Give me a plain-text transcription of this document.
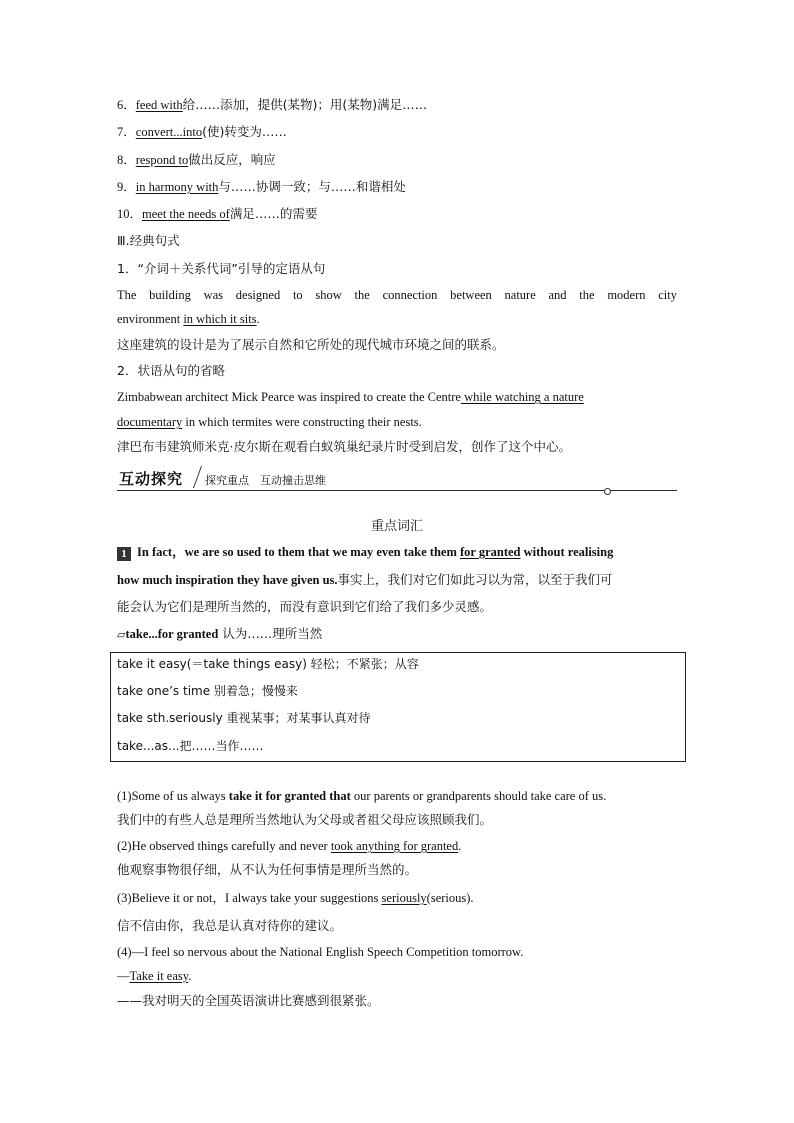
6．feed with给……添加，提供(某物)；用(某物)满足……
7．convert...into(使)转变为……
8．respond to做出反应，响应
9．in harmony with与……协调一致；与……和谐相处
10．meet the needs of满足……的需要
Ⅲ.经典句式
1．“介词＋关系代词”引导的定语从句
The building was designed to show the connection between nature and the modern city
environment in which it sits.
这座建筑的设计是为了展示自然和它所处的现代城市环境之间的联系。
2．状语从句的省略
Zimbabwean architect Mick Pearce was inspired to create the Centre while watching a nature
documentary in which termites were constructing their nests.
津巴布韦建筑师米克·皮尔斯在观看白蚁筑巢纪录片时受到启发，创作了这个中心。
互动探究 探究重点　互动撞击思维
重点词汇
1 In fact，we are so used to them that we may even take them for granted without realising
how much inspiration they have given us.事实上，我们对它们如此习以为常，以至于我们可
能会认为它们是理所当然的，而没有意识到它们给了我们多少灵感。
▱take...for granted 认为……理所当然
take it easy(＝take things easy) 轻松；不紧张；从容
take one’s time 别着急；慢慢来
take sth.seriously 重视某事；对某事认真对待
take...as...把……当作……
(1)Some of us always take it for granted that our parents or grandparents should take care of us.
我们中的有些人总是理所当然地认为父母或者祖父母应该照顾我们。
(2)He observed things carefully and never took anything for granted.
他观察事物很仔细，从不认为任何事情是理所当然的。
(3)Believe it or not，I always take your suggestions seriously(serious).
信不信由你，我总是认真对待你的建议。
(4)—I feel so nervous about the National English Speech Competition tomorrow.
—Take it easy.
——我对明天的全国英语演讲比赛感到很紧张。
